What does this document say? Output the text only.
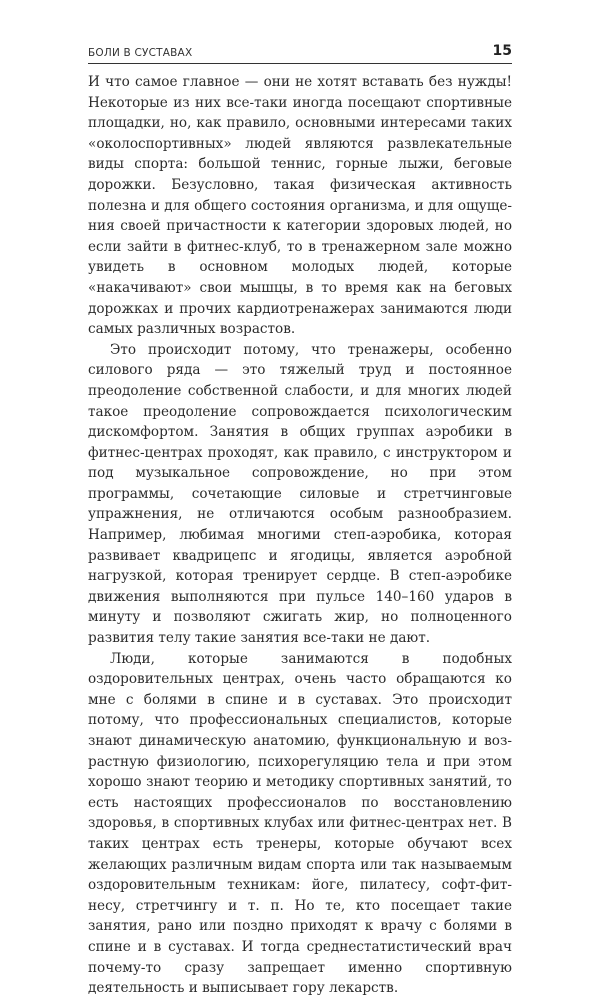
БОЛИ В СУСТАВАХ	15

И что самое главное — они не хотят вставать без нужды! Некоторые из них все-таки иногда посещают спортивные площадки, но, как правило, основными интересами таких «околоспортивных» людей являются развлекательные виды спорта: большой теннис, горные лыжи, беговые дорожки. Безусловно, такая физическая активность полезна и для общего состояния организма, и для ощущения своей причастности к категории здоровых людей, но если зайти в фитнес-клуб, то в тренажерном зале можно увидеть в основном молодых людей, которые «накачивают» свои мышцы, в то время как на беговых дорожках и прочих кардиотренажерах занимаются люди самых различных возрастов.

Это происходит потому, что тренажеры, особенно силового ряда — это тяжелый труд и постоянное преодоление собственной слабости, и для многих людей такое преодоление сопровождается психологическим дискомфортом. Занятия в общих группах аэробики в фитнес-центрах проходят, как правило, с инструктором и под музыкальное сопровождение, но при этом программы, сочетающие силовые и стретчинговые упражнения, не отличаются особым разнообразием. Например, любимая многими степ-аэробика, которая развивает квадрицепс и ягодицы, является аэробной нагрузкой, которая тренирует сердце. В степ-аэробике движения выполняются при пульсе 140–160 ударов в минуту и позволяют сжигать жир, но полноценного развития телу такие занятия все-таки не дают.

Люди, которые занимаются в подобных оздоровительных центрах, очень часто обращаются ко мне с болями в спине и в суставах. Это происходит потому, что профессиональных специалистов, которые знают динамическую анатомию, функциональную и возрастную физиологию, психорегуляцию тела и при этом хорошо знают теорию и методику спортивных занятий, то есть настоящих профессионалов по восстановлению здоровья, в спортивных клубах или фитнес-центрах нет. В таких центрах есть тренеры, которые обучают всех желающих различным видам спорта или так называемым оздоровительным техникам: йоге, пилатесу, софт-фитнесу, стретчингу и т. п. Но те, кто посещает такие занятия, рано или поздно приходят к врачу с болями в спине и в суставах. И тогда среднестатистический врач почему-то сразу запрещает именно спортивную деятельность и выписывает гору лекарств.
